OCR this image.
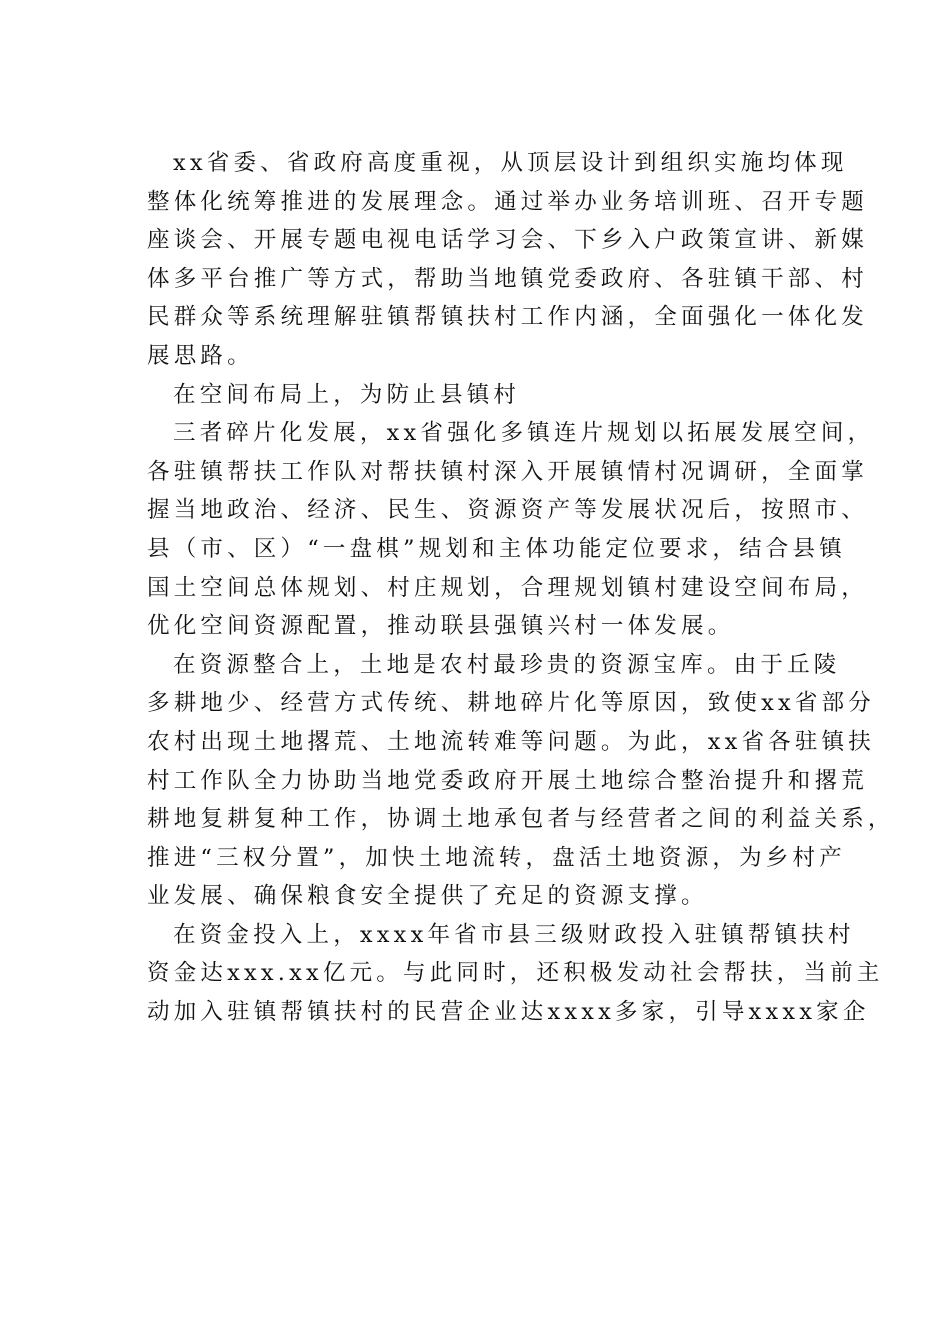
xx省委、省政府高度重视，从顶层设计到组织实施均体现
整体化统筹推进的发展理念。通过举办业务培训班、召开专题
座谈会、开展专题电视电话学习会、下乡入户政策宣讲、新媒
体多平台推广等方式，帮助当地镇党委政府、各驻镇干部、村
民群众等系统理解驻镇帮镇扶村工作内涵，全面强化一体化发
展思路。
在空间布局上，为防止县镇村
三者碎片化发展，xx省强化多镇连片规划以拓展发展空间，
各驻镇帮扶工作队对帮扶镇村深入开展镇情村况调研，全面掌
握当地政治、经济、民生、资源资产等发展状况后，按照市、
县（市、区）“一盘棋”规划和主体功能定位要求，结合县镇
国土空间总体规划、村庄规划，合理规划镇村建设空间布局，
优化空间资源配置，推动联县强镇兴村一体发展。
在资源整合上，土地是农村最珍贵的资源宝库。由于丘陵
多耕地少、经营方式传统、耕地碎片化等原因，致使xx省部分
农村出现土地撂荒、土地流转难等问题。为此，xx省各驻镇扶
村工作队全力协助当地党委政府开展土地综合整治提升和撂荒
耕地复耕复种工作，协调土地承包者与经营者之间的利益关系，
推进“三权分置”，加快土地流转，盘活土地资源，为乡村产
业发展、确保粮食安全提供了充足的资源支撑。
在资金投入上，xxxx年省市县三级财政投入驻镇帮镇扶村
资金达xxx.xx亿元。与此同时，还积极发动社会帮扶，当前主
动加入驻镇帮镇扶村的民营企业达xxxx多家，引导xxxx家企
